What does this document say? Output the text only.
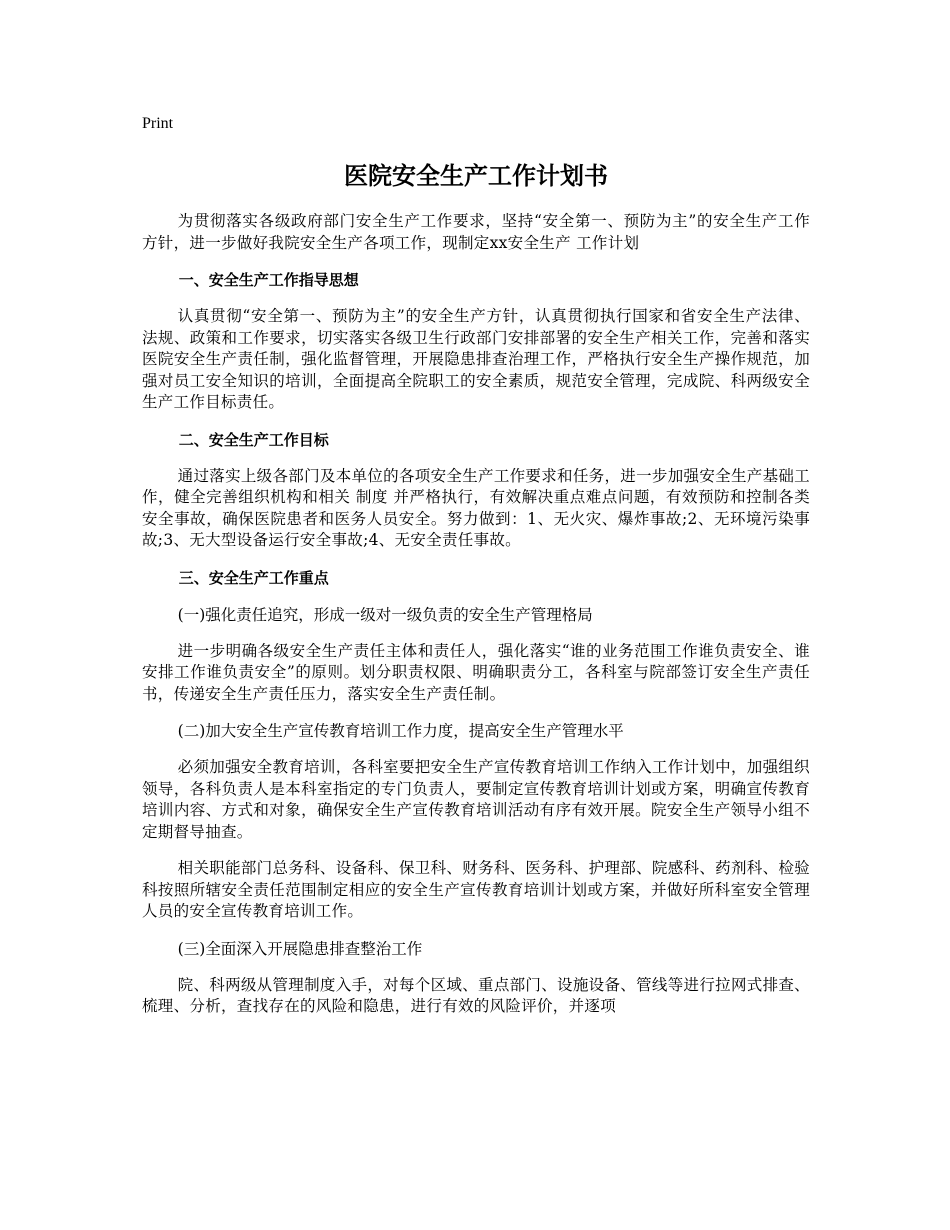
Print
医院安全生产工作计划书

为贯彻落实各级政府部门安全生产工作要求，坚持“安全第一、预防为主”的安全生产工作方针，进一步做好我院安全生产各项工作，现制定xx安全生产 工作计划

一、安全生产工作指导思想

认真贯彻“安全第一、预防为主”的安全生产方针，认真贯彻执行国家和省安全生产法律、法规、政策和工作要求，切实落实各级卫生行政部门安排部署的安全生产相关工作，完善和落实医院安全生产责任制，强化监督管理，开展隐患排查治理工作，严格执行安全生产操作规范，加强对员工安全知识的培训，全面提高全院职工的安全素质，规范安全管理，完成院、科两级安全生产工作目标责任。

二、安全生产工作目标

通过落实上级各部门及本单位的各项安全生产工作要求和任务，进一步加强安全生产基础工作，健全完善组织机构和相关 制度 并严格执行，有效解决重点难点问题，有效预防和控制各类安全事故，确保医院患者和医务人员安全。努力做到：1、无火灾、爆炸事故;2、无环境污染事故;3、无大型设备运行安全事故;4、无安全责任事故。

三、安全生产工作重点

(一)强化责任追究，形成一级对一级负责的安全生产管理格局

进一步明确各级安全生产责任主体和责任人，强化落实“谁的业务范围工作谁负责安全、谁安排工作谁负责安全”的原则。划分职责权限、明确职责分工，各科室与院部签订安全生产责任书，传递安全生产责任压力，落实安全生产责任制。

(二)加大安全生产宣传教育培训工作力度，提高安全生产管理水平

必须加强安全教育培训，各科室要把安全生产宣传教育培训工作纳入工作计划中，加强组织领导，各科负责人是本科室指定的专门负责人，要制定宣传教育培训计划或方案，明确宣传教育培训内容、方式和对象，确保安全生产宣传教育培训活动有序有效开展。院安全生产领导小组不定期督导抽查。

相关职能部门总务科、设备科、保卫科、财务科、医务科、护理部、院感科、药剂科、检验科按照所辖安全责任范围制定相应的安全生产宣传教育培训计划或方案，并做好所科室安全管理人员的安全宣传教育培训工作。

(三)全面深入开展隐患排查整治工作

院、科两级从管理制度入手，对每个区域、重点部门、设施设备、管线等进行拉网式排查、梳理、分析，查找存在的风险和隐患，进行有效的风险评价，并逐项
